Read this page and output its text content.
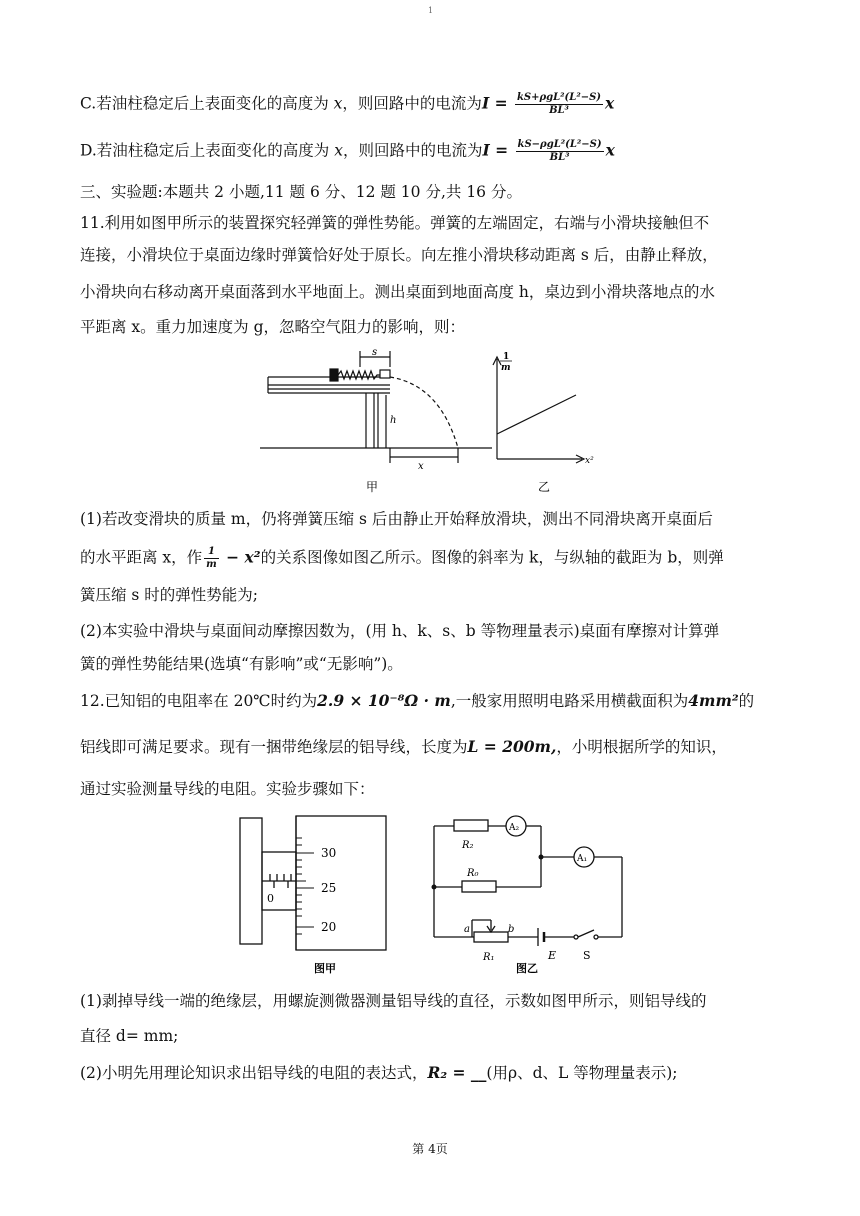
1
C.若油柱稳定后上表面变化的高度为 x，则回路中的电流为$I = \frac{\text{kS+ρgL²(L²−S)}}{\text{BL³}}$ x
D.若油柱稳定后上表面变化的高度为 x，则回路中的电流为$I = \frac{\text{kS−ρgL²(L²−S)}}{\text{BL³}}$ x
三、实验题:本题共 2 小题,11 题 6 分、12 题 10 分,共 16 分。
11.利用如图甲所示的装置探究轻弹簧的弹性势能。弹簧的左端固定，右端与小滑块接触但不
连接，小滑块位于桌面边缘时弹簧恰好处于原长。向左推小滑块移动距离 s 后，由静止释放，
小滑块向右移动离开桌面落到水平地面上。测出桌面到地面高度 h，桌边到小滑块落地点的水
平距离 x。重力加速度为 g，忽略空气阻力的影响，则：
s
h
x
甲
1
m
x²
乙
(1)若改变滑块的质量 m，仍将弹簧压缩 s 后由静止开始释放滑块，测出不同滑块离开桌面后
的水平距离 x，作 $\frac{1}{m} - x^2$的关系图像如图乙所示。图像的斜率为 k，与纵轴的截距为 b，则弹
簧压缩 s 时的弹性势能为;
(2)本实验中滑块与桌面间动摩擦因数为，(用 h、k、s、b 等物理量表示)桌面有摩擦对计算弹
簧的弹性势能结果(选填“有影响”或“无影响”)。
12.已知铝的电阻率在 20℃时约为2.9 × 10⁻⁸Ω · m,一般家用照明电路采用横截面积为4mm²的
铝线即可满足要求。现有一捆带绝缘层的铝导线，长度为L = 200m,，小明根据所学的知识，
通过实验测量导线的电阻。实验步骤如下：
30
25
20
0
图甲
R₂
R₀
R₁
A₂
A₁
a	b
E S
图乙
(1)剥掉导线一端的绝缘层，用螺旋测微器测量铝导线的直径，示数如图甲所示，则铝导线的
直径 d= mm;
(2)小明先用理论知识求出铝导线的电阻的表达式，R₂ = __(用ρ、d、L 等物理量表示);
第 4页
